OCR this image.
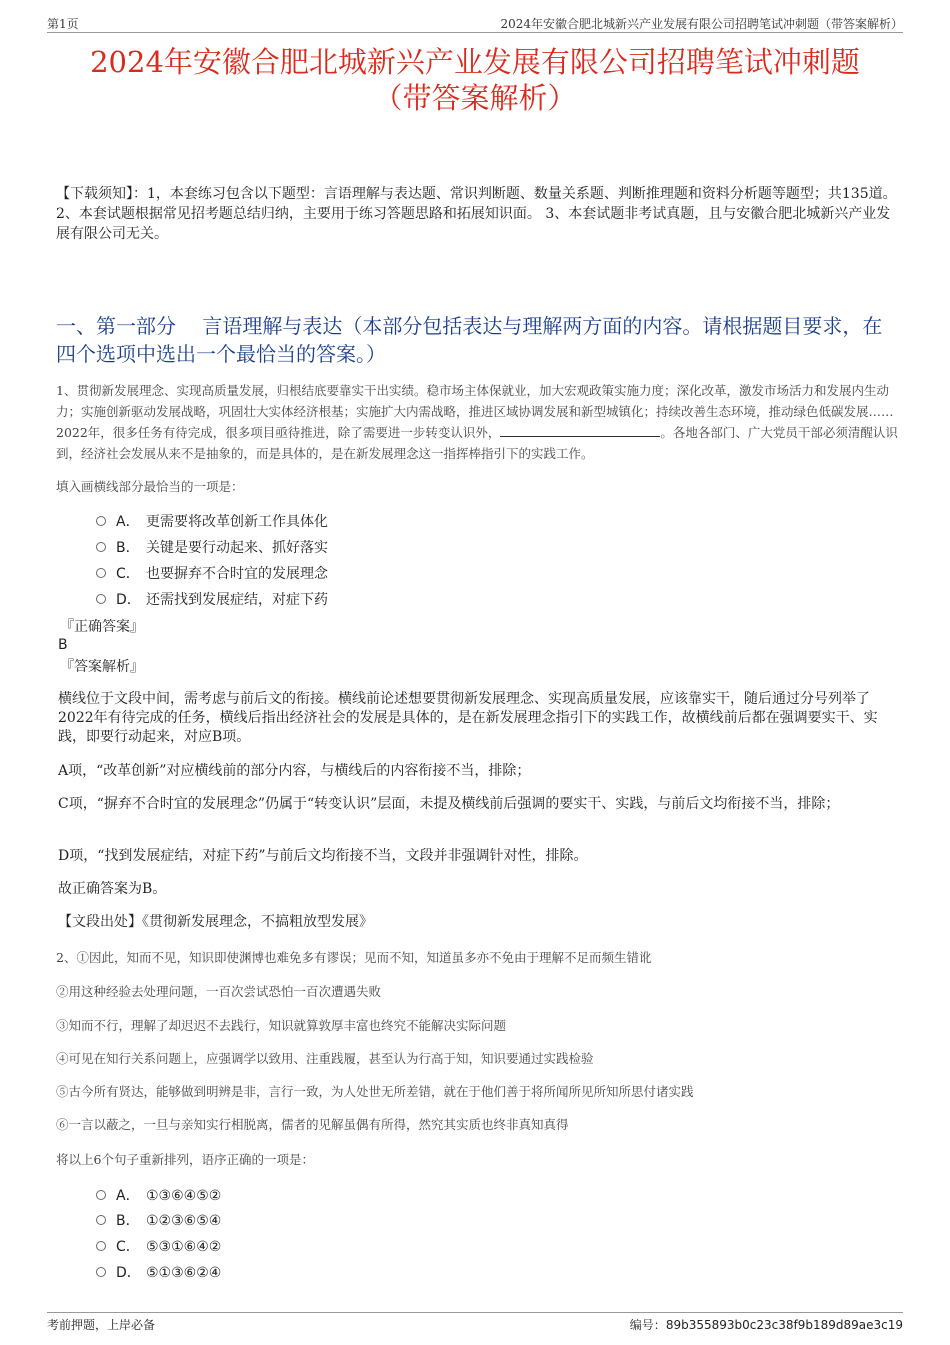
第1页	2024年安徽合肥北城新兴产业发展有限公司招聘笔试冲刺题（带答案解析）
2024年安徽合肥北城新兴产业发展有限公司招聘笔试冲刺题
（带答案解析）
【下载须知】：1，本套练习包含以下题型：言语理解与表达题、常识判断题、数量关系题、判断推理题和资料分析题等题型；共135道。 2、本套试题根据常见招考题总结归纳，主要用于练习答题思路和拓展知识面。 3、本套试题非考试真题，且与安徽合肥北城新兴产业发展有限公司无关。
一、第一部分　 言语理解与表达（本部分包括表达与理解两方面的内容。请根据题目要求，在四个选项中选出一个最恰当的答案。）
1、贯彻新发展理念、实现高质量发展，归根结底要靠实干出实绩。稳市场主体保就业，加大宏观政策实施力度；深化改革，激发市场活力和发展内生动力；实施创新驱动发展战略，巩固壮大实体经济根基；实施扩大内需战略，推进区域协调发展和新型城镇化；持续改善生态环境，推动绿色低碳发展……2022年，很多任务有待完成，很多项目亟待推进，除了需要进一步转变认识外，	。各地各部门、广大党员干部必须清醒认识到，经济社会发展从来不是抽象的，而是具体的，是在新发展理念这一指挥棒指引下的实践工作。
填入画横线部分最恰当的一项是：
A． 更需要将改革创新工作具体化
B． 关键是要行动起来、抓好落实
C． 也要摒弃不合时宜的发展理念
D． 还需找到发展症结，对症下药
『正确答案』
B
『答案解析』
横线位于文段中间，需考虑与前后文的衔接。横线前论述想要贯彻新发展理念、实现高质量发展，应该靠实干，随后通过分号列举了2022年有待完成的任务，横线后指出经济社会的发展是具体的，是在新发展理念指引下的实践工作，故横线前后都在强调要实干、实践，即要行动起来，对应B项。
A项，“改革创新”对应横线前的部分内容，与横线后的内容衔接不当，排除；
C项，“摒弃不合时宜的发展理念”仍属于“转变认识”层面，未提及横线前后强调的要实干、实践，与前后文均衔接不当，排除；
D项，“找到发展症结，对症下药”与前后文均衔接不当，文段并非强调针对性，排除。
故正确答案为B。
【文段出处】《贯彻新发展理念，不搞粗放型发展》
2、①因此，知而不见，知识即使渊博也难免多有谬误；见而不知，知道虽多亦不免由于理解不足而频生错讹
②用这种经验去处理问题，一百次尝试恐怕一百次遭遇失败
③知而不行，理解了却迟迟不去践行，知识就算敦厚丰富也终究不能解决实际问题
④可见在知行关系问题上，应强调学以致用、注重践履，甚至认为行高于知，知识要通过实践检验
⑤古今所有贤达，能够做到明辨是非，言行一致，为人处世无所差错，就在于他们善于将所闻所见所知所思付诸实践
⑥一言以蔽之，一旦与亲知实行相脱离，儒者的见解虽偶有所得，然究其实质也终非真知真得
将以上6个句子重新排列，语序正确的一项是：
A． ①③⑥④⑤②
B． ①②③⑥⑤④
C． ⑤③①⑥④②
D． ⑤①③⑥②④
考前押题，上岸必备	编号：89b355893b0c23c38f9b189d89ae3c19
